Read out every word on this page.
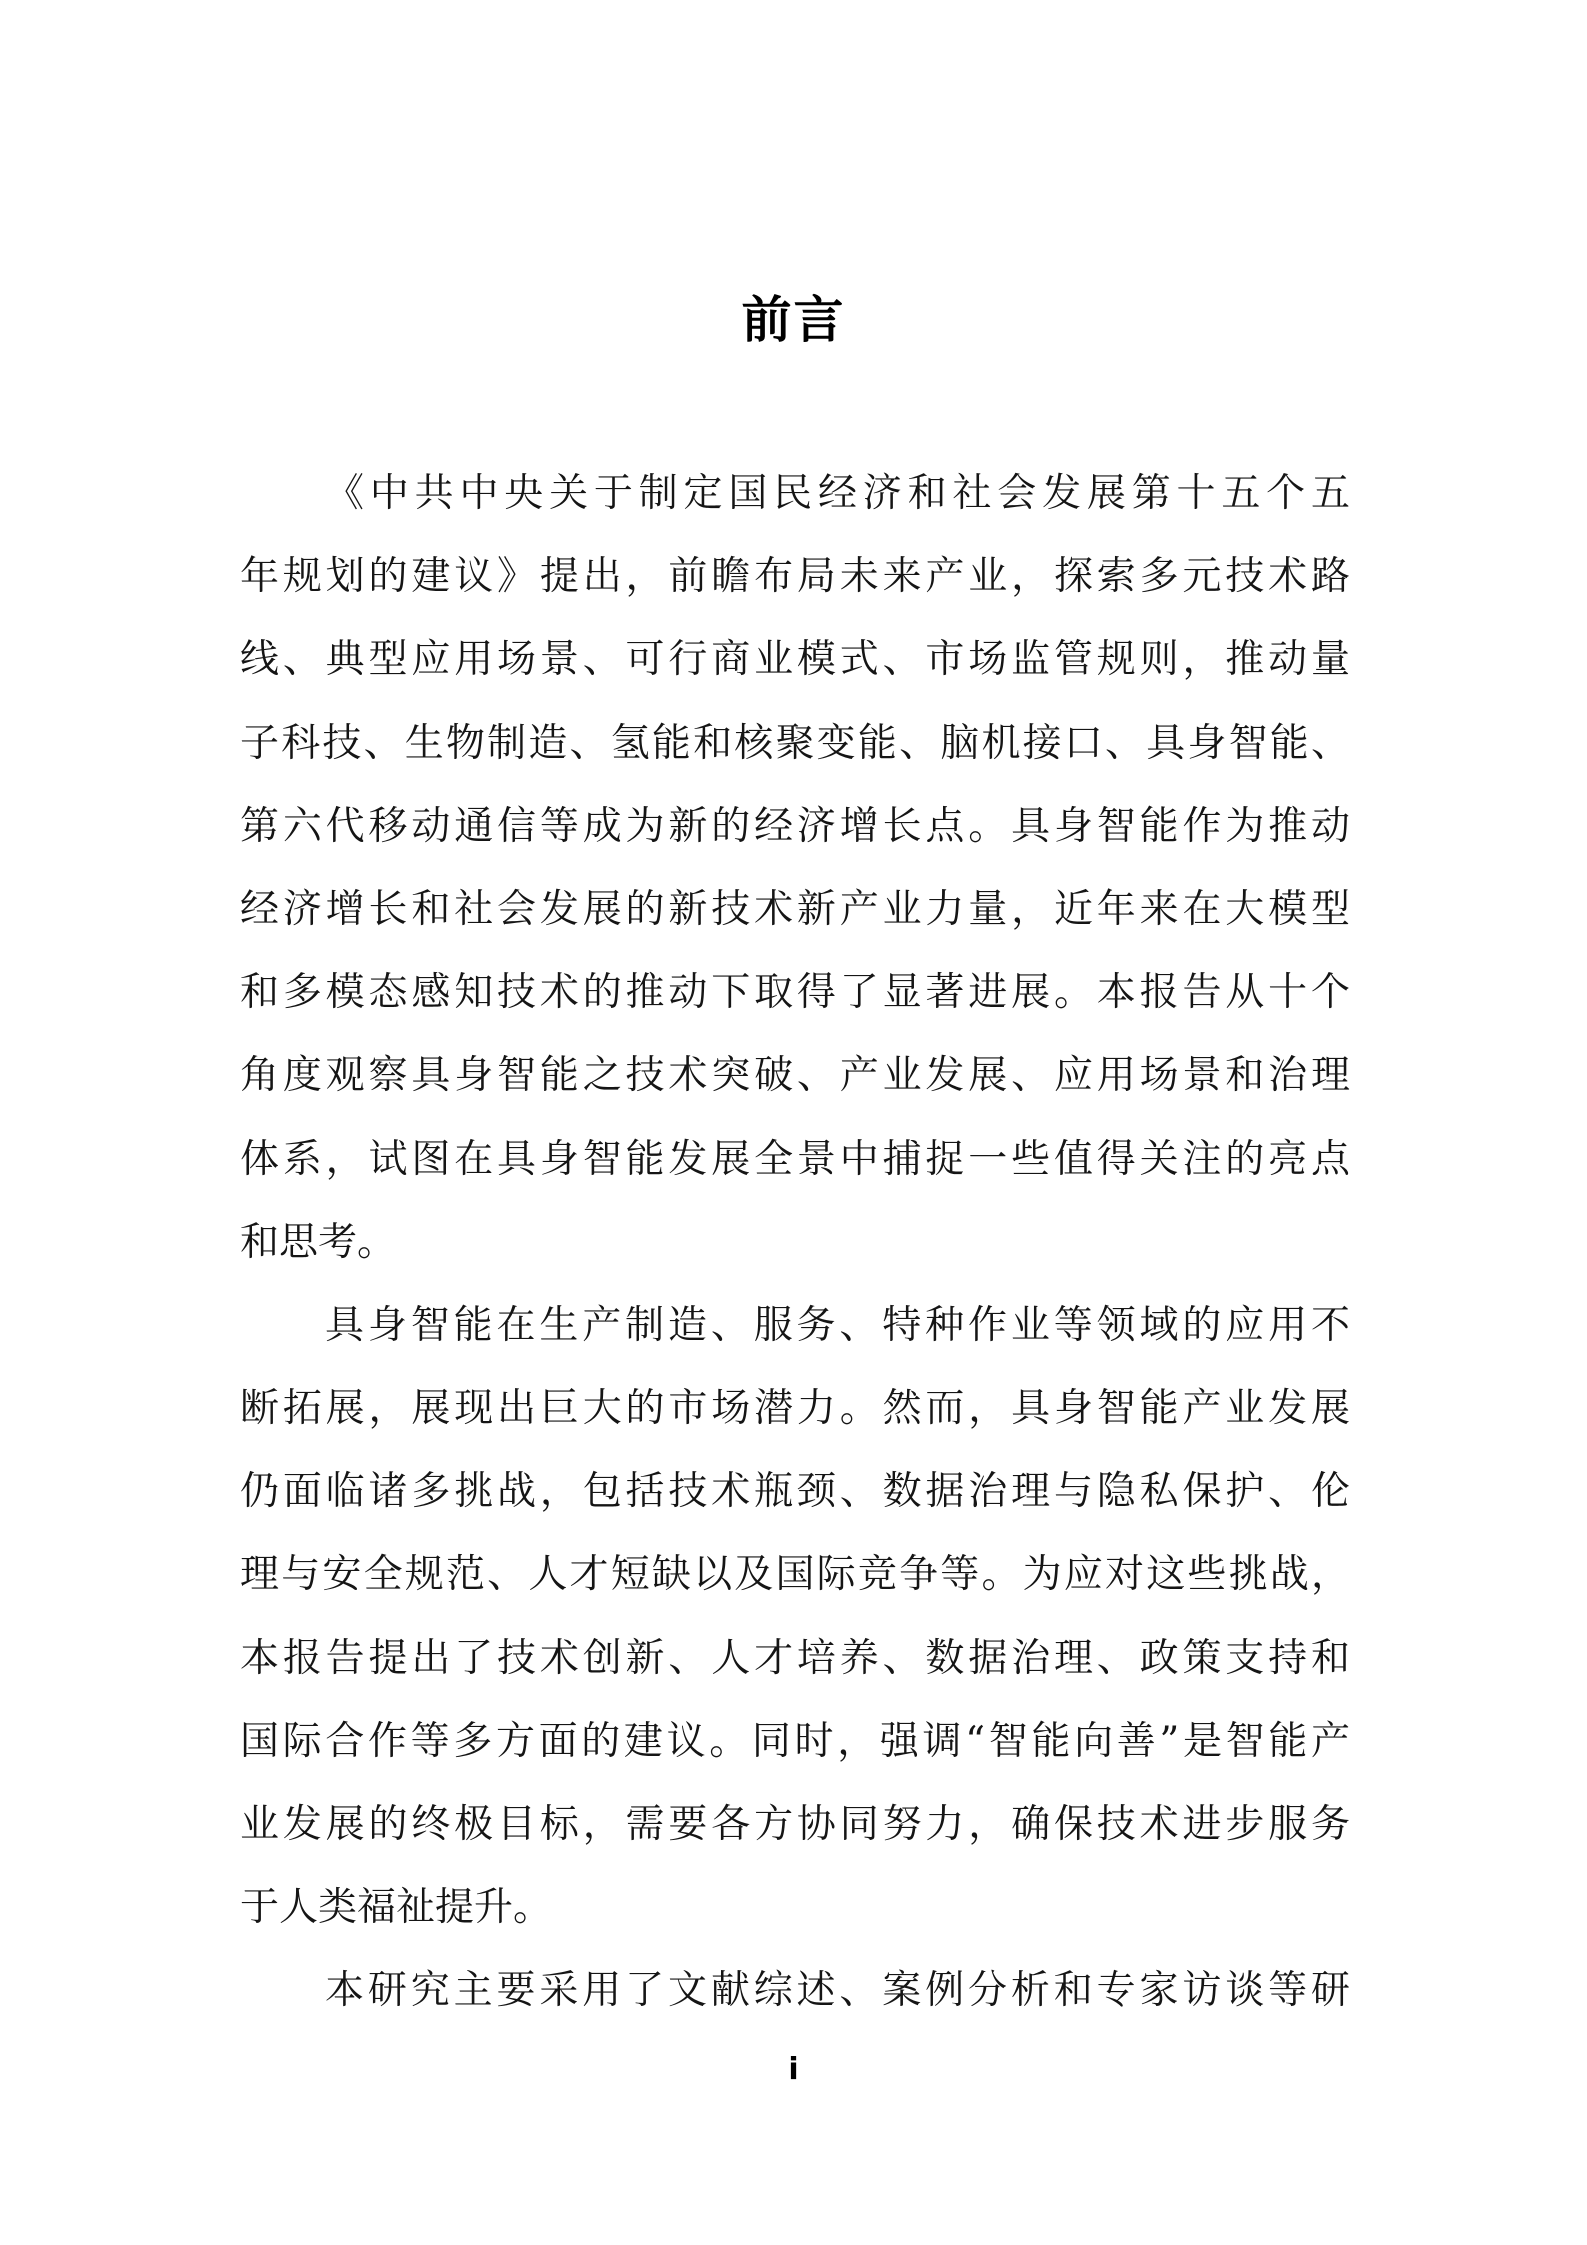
前言
《中共中央关于制定国民经济和社会发展第十五个五
年规划的建议》提出，前瞻布局未来产业，探索多元技术路
线、典型应用场景、可行商业模式、市场监管规则，推动量
子科技、生物制造、氢能和核聚变能、脑机接口、具身智能、
第六代移动通信等成为新的经济增长点。具身智能作为推动
经济增长和社会发展的新技术新产业力量，近年来在大模型
和多模态感知技术的推动下取得了显著进展。本报告从十个
角度观察具身智能之技术突破、产业发展、应用场景和治理
体系，试图在具身智能发展全景中捕捉一些值得关注的亮点
和思考。
具身智能在生产制造、服务、特种作业等领域的应用不
断拓展，展现出巨大的市场潜力。然而，具身智能产业发展
仍面临诸多挑战，包括技术瓶颈、数据治理与隐私保护、伦
理与安全规范、人才短缺以及国际竞争等。为应对这些挑战，
本报告提出了技术创新、人才培养、数据治理、政策支持和
国际合作等多方面的建议。同时，强调“智能向善”是智能产
业发展的终极目标，需要各方协同努力，确保技术进步服务
于人类福祉提升。
本研究主要采用了文献综述、案例分析和专家访谈等研
i
